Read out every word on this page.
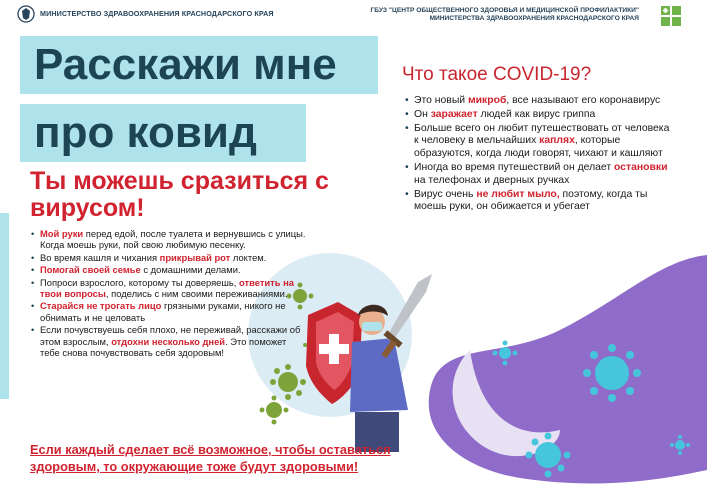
МИНИСТЕРСТВО ЗДРАВООХРАНЕНИЯ КРАСНОДАРСКОГО КРАЯ	ГБУЗ "ЦЕНТР ОБЩЕСТВЕННОГО ЗДОРОВЬЯ И МЕДИЦИНСКОЙ ПРОФИЛАКТИКИ"
МИНИСТЕРСТВА ЗДРАВООХРАНЕНИЯ КРАСНОДАРСКОГО КРАЯ
Расскажи мне
про ковид
Ты можешь сразиться с вирусом!
• Мой руки перед едой, после туалета и вернувшись с улицы. Когда моешь руки, пой свою любимую песенку.
• Во время кашля и чихания прикрывай рот локтем.
• Помогай своей семье с домашними делами.
• Попроси взрослого, которому ты доверяешь, ответить на твои вопросы, поделись с ним своими переживаниями.
• Старайся не трогать лицо грязными руками, никого не обнимать и не целовать
• Если почувствуешь себя плохо, не переживай, расскажи об этом взрослым, отдохни несколько дней. Это поможет тебе снова почувствовать себя здоровым!
Что такое COVID-19?
• Это новый микроб, все называют его коронавирус
• Он заражает людей как вирус гриппа
• Больше всего он любит путешествовать от человека к человеку в мельчайших каплях, которые образуются, когда люди говорят, чихают и кашляют
• Иногда во время путешествий он делает остановки на телефонах и дверных ручках
• Вирус очень не любит мыло, поэтому, когда ты моешь руки, он обижается и убегает
Если каждый сделает всё возможное, чтобы оставаться здоровым, то окружающие тоже будут здоровыми!
